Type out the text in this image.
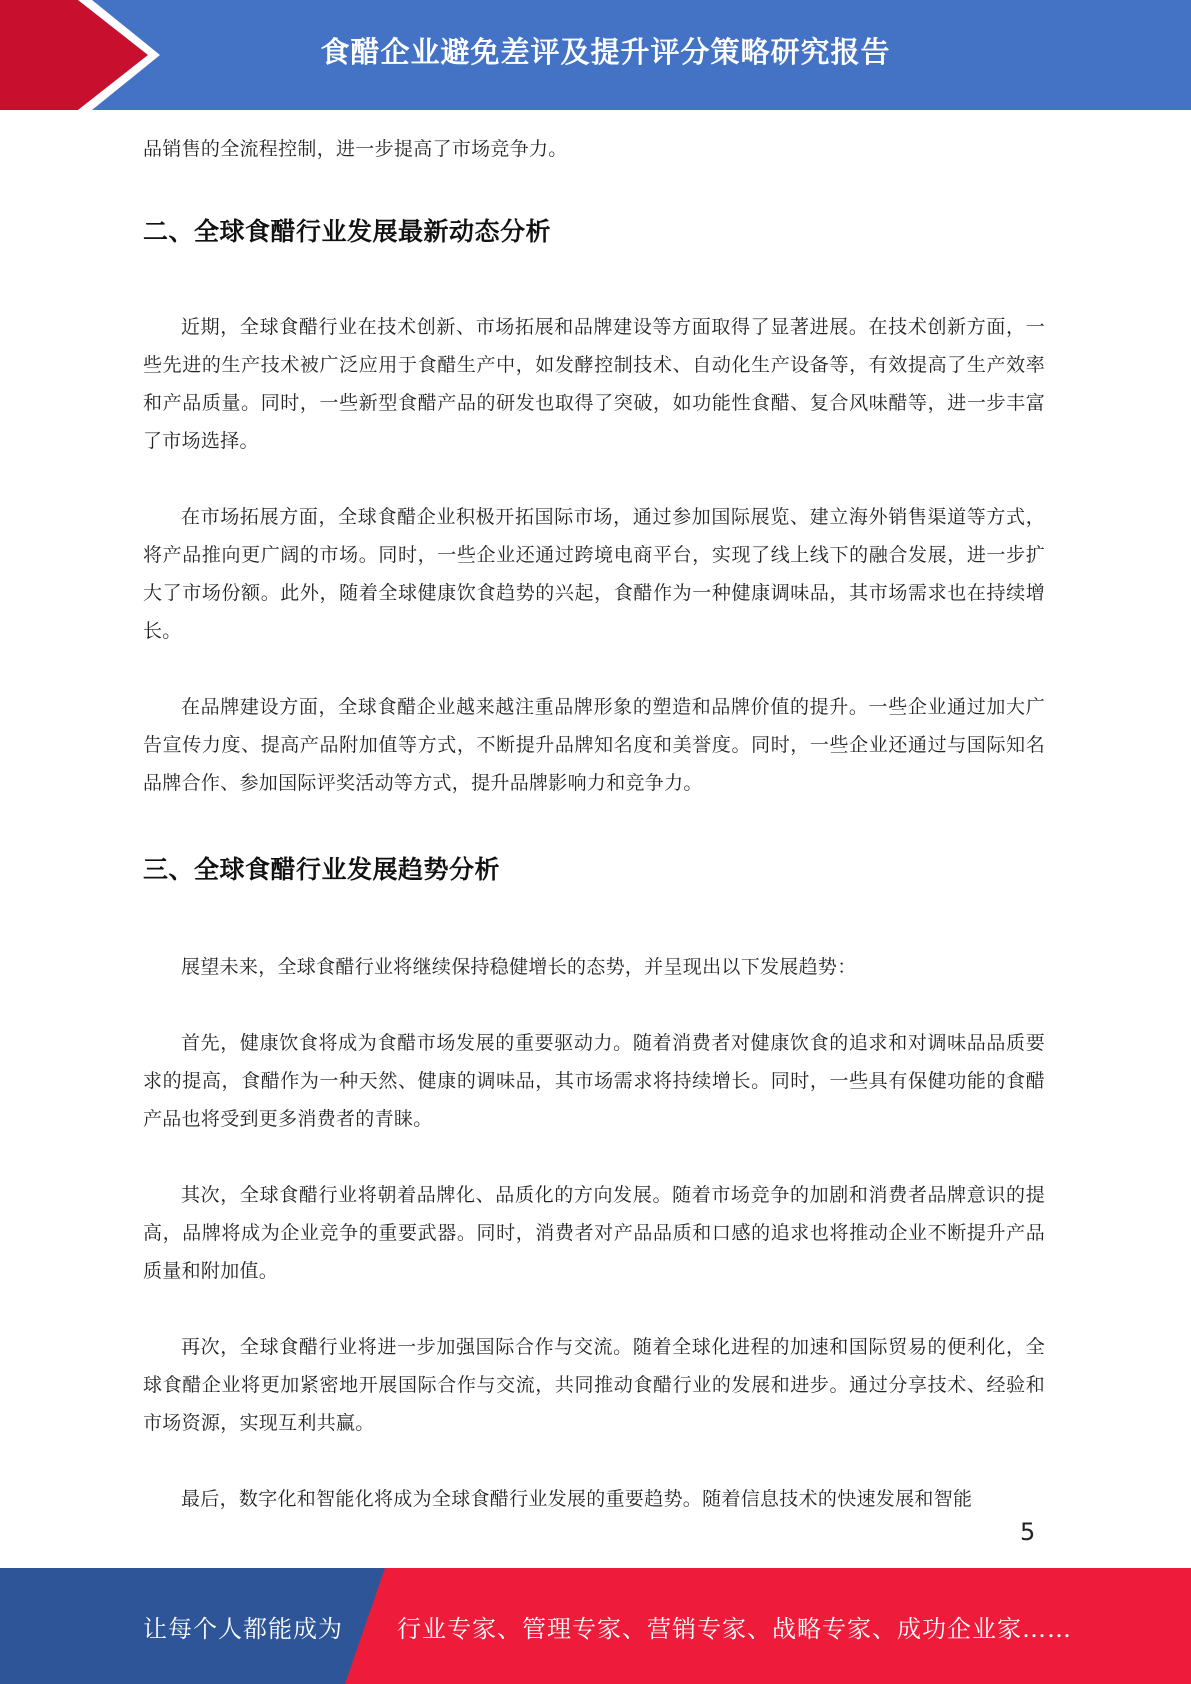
食醋企业避免差评及提升评分策略研究报告

品销售的全流程控制，进一步提高了市场竞争力。

二、全球食醋行业发展最新动态分析

近期，全球食醋行业在技术创新、市场拓展和品牌建设等方面取得了显著进展。在技术创新方面，一些先进的生产技术被广泛应用于食醋生产中，如发酵控制技术、自动化生产设备等，有效提高了生产效率和产品质量。同时，一些新型食醋产品的研发也取得了突破，如功能性食醋、复合风味醋等，进一步丰富了市场选择。

在市场拓展方面，全球食醋企业积极开拓国际市场，通过参加国际展览、建立海外销售渠道等方式，将产品推向更广阔的市场。同时，一些企业还通过跨境电商平台，实现了线上线下的融合发展，进一步扩大了市场份额。此外，随着全球健康饮食趋势的兴起，食醋作为一种健康调味品，其市场需求也在持续增长。

在品牌建设方面，全球食醋企业越来越注重品牌形象的塑造和品牌价值的提升。一些企业通过加大广告宣传力度、提高产品附加值等方式，不断提升品牌知名度和美誉度。同时，一些企业还通过与国际知名品牌合作、参加国际评奖活动等方式，提升品牌影响力和竞争力。

三、全球食醋行业发展趋势分析

展望未来，全球食醋行业将继续保持稳健增长的态势，并呈现出以下发展趋势：

首先，健康饮食将成为食醋市场发展的重要驱动力。随着消费者对健康饮食的追求和对调味品品质要求的提高，食醋作为一种天然、健康的调味品，其市场需求将持续增长。同时，一些具有保健功能的食醋产品也将受到更多消费者的青睐。

其次，全球食醋行业将朝着品牌化、品质化的方向发展。随着市场竞争的加剧和消费者品牌意识的提高，品牌将成为企业竞争的重要武器。同时，消费者对产品品质和口感的追求也将推动企业不断提升产品质量和附加值。

再次，全球食醋行业将进一步加强国际合作与交流。随着全球化进程的加速和国际贸易的便利化，全球食醋企业将更加紧密地开展国际合作与交流，共同推动食醋行业的发展和进步。通过分享技术、经验和市场资源，实现互利共赢。

最后，数字化和智能化将成为全球食醋行业发展的重要趋势。随着信息技术的快速发展和智能

5
让每个人都能成为 行业专家、管理专家、营销专家、战略专家、成功企业家……
